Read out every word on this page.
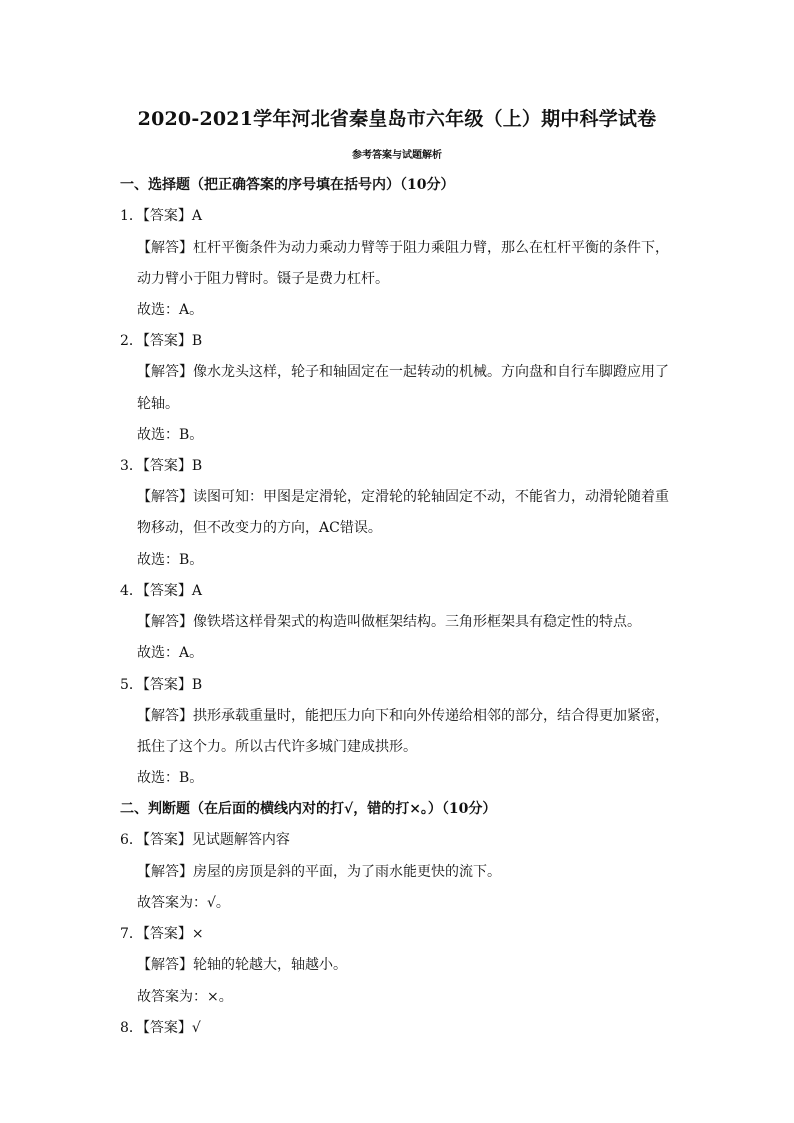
2020-2021学年河北省秦皇岛市六年级（上）期中科学试卷
参考答案与试题解析
一、选择题（把正确答案的序号填在括号内）（10分）
1．【答案】A
【解答】杠杆平衡条件为动力乘动力臂等于阻力乘阻力臂，那么在杠杆平衡的条件下，
动力臂小于阻力臂时。镊子是费力杠杆。
故选：A。
2．【答案】B
【解答】像水龙头这样，轮子和轴固定在一起转动的机械。方向盘和自行车脚蹬应用了
轮轴。
故选：B。
3．【答案】B
【解答】读图可知：甲图是定滑轮，定滑轮的轮轴固定不动，不能省力，动滑轮随着重
物移动，但不改变力的方向，AC错误。
故选：B。
4．【答案】A
【解答】像铁塔这样骨架式的构造叫做框架结构。三角形框架具有稳定性的特点。
故选：A。
5．【答案】B
【解答】拱形承载重量时，能把压力向下和向外传递给相邻的部分，结合得更加紧密，
抵住了这个力。所以古代许多城门建成拱形。
故选：B。
二、判断题（在后面的横线内对的打√，错的打×。）（10分）
6．【答案】见试题解答内容
【解答】房屋的房顶是斜的平面，为了雨水能更快的流下。
故答案为：√。
7．【答案】×
【解答】轮轴的轮越大，轴越小。
故答案为：×。
8．【答案】√
